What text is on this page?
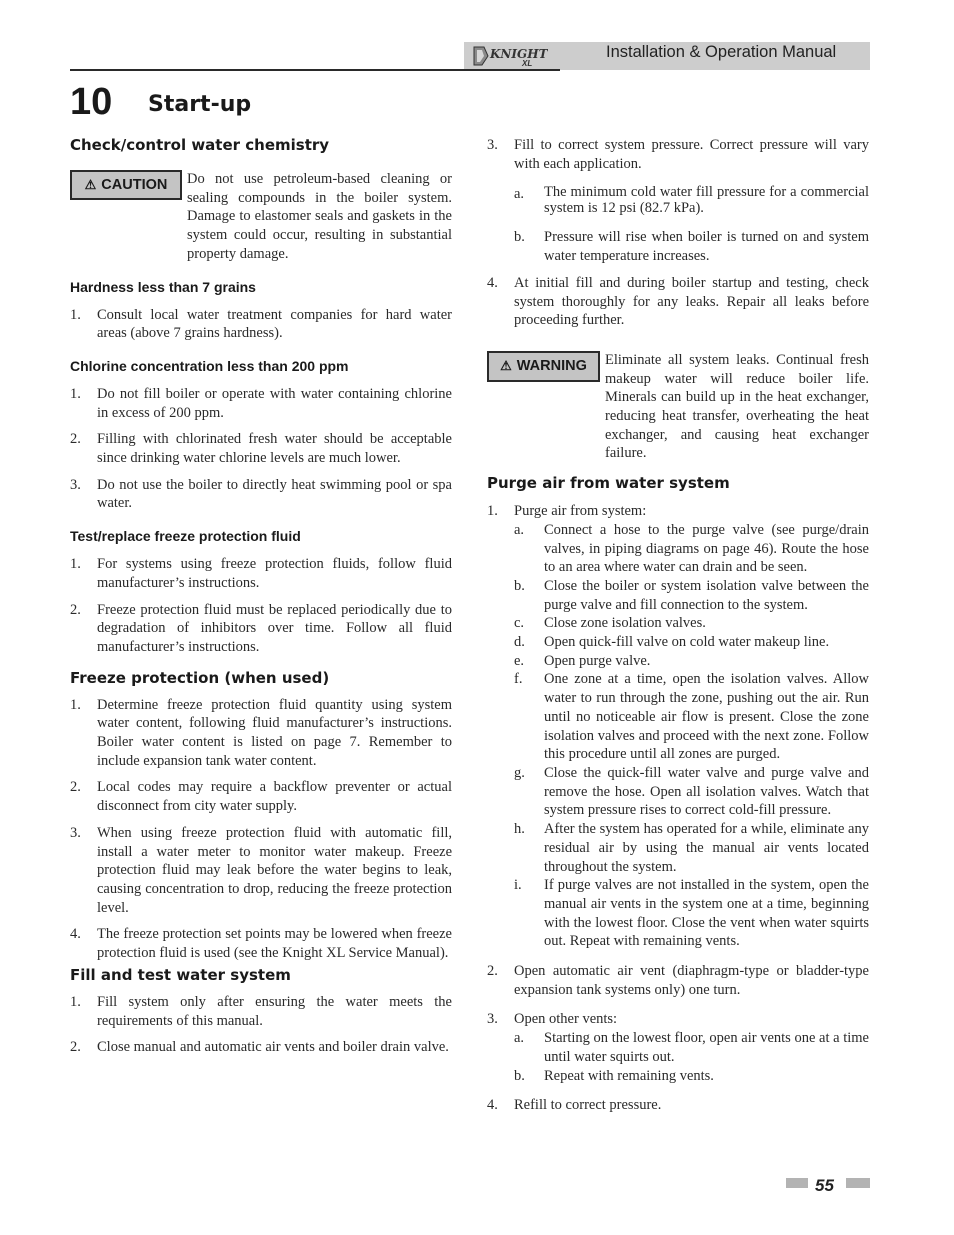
KNIGHT
XL
Installation & Operation Manual
10 Start-up
Check/control water chemistry
⚠ CAUTION Do not use petroleum-based cleaning or sealing compounds in the boiler system. Damage to elastomer seals and gaskets in the system could occur, resulting in substantial property damage.
Hardness less than 7 grains
1.	Consult local water treatment companies for hard water areas (above 7 grains hardness).
Chlorine concentration less than 200 ppm
1.	Do not fill boiler or operate with water containing chlorine in excess of 200 ppm.
2.	Filling with chlorinated fresh water should be acceptable since drinking water chlorine levels are much lower.
3.	Do not use the boiler to directly heat swimming pool or spa water.
Test/replace freeze protection fluid
1.	For systems using freeze protection fluids, follow fluid manufacturer’s instructions.
2.	Freeze protection fluid must be replaced periodically due to degradation of inhibitors over time. Follow all fluid manufacturer’s instructions.
Freeze protection (when used)
1.	Determine freeze protection fluid quantity using system water content, following fluid manufacturer’s instructions. Boiler water content is listed on page 7. Remember to include expansion tank water content.
2.	Local codes may require a backflow preventer or actual disconnect from city water supply.
3.	When using freeze protection fluid with automatic fill, install a water meter to monitor water makeup. Freeze protection fluid may leak before the water begins to leak, causing concentration to drop, reducing the freeze protection level.
4.	The freeze protection set points may be lowered when freeze protection fluid is used (see the Knight XL Service Manual).
Fill and test water system
1.	Fill system only after ensuring the water meets the requirements of this manual.
2.	Close manual and automatic air vents and boiler drain valve.
3.	Fill to correct system pressure. Correct pressure will vary with each application.
a.	The minimum cold water fill pressure for a commercial system is 12 psi (82.7 kPa).
b.	Pressure will rise when boiler is turned on and system water temperature increases.
4.	At initial fill and during boiler startup and testing, check system thoroughly for any leaks. Repair all leaks before proceeding further.
⚠ WARNING Eliminate all system leaks. Continual fresh makeup water will reduce boiler life. Minerals can build up in the heat exchanger, reducing heat transfer, overheating the heat exchanger, and causing heat exchanger failure.
Purge air from water system
1.	Purge air from system:
a.	Connect a hose to the purge valve (see purge/drain valves, in piping diagrams on page 46). Route the hose to an area where water can drain and be seen.
b.	Close the boiler or system isolation valve between the purge valve and fill connection to the system.
c.	Close zone isolation valves.
d.	Open quick-fill valve on cold water makeup line.
e.	Open purge valve.
f.	One zone at a time, open the isolation valves. Allow water to run through the zone, pushing out the air. Run until no noticeable air flow is present. Close the zone isolation valves and proceed with the next zone. Follow this procedure until all zones are purged.
g.	Close the quick-fill water valve and purge valve and remove the hose. Open all isolation valves. Watch that system pressure rises to correct cold-fill pressure.
h.	After the system has operated for a while, eliminate any residual air by using the manual air vents located throughout the system.
i.	If purge valves are not installed in the system, open the manual air vents in the system one at a time, beginning with the lowest floor. Close the vent when water squirts out. Repeat with remaining vents.
2.	Open automatic air vent (diaphragm-type or bladder-type expansion tank systems only) one turn.
3.	Open other vents:
a.	Starting on the lowest floor, open air vents one at a time until water squirts out.
b.	Repeat with remaining vents.
4.	Refill to correct pressure.
55
